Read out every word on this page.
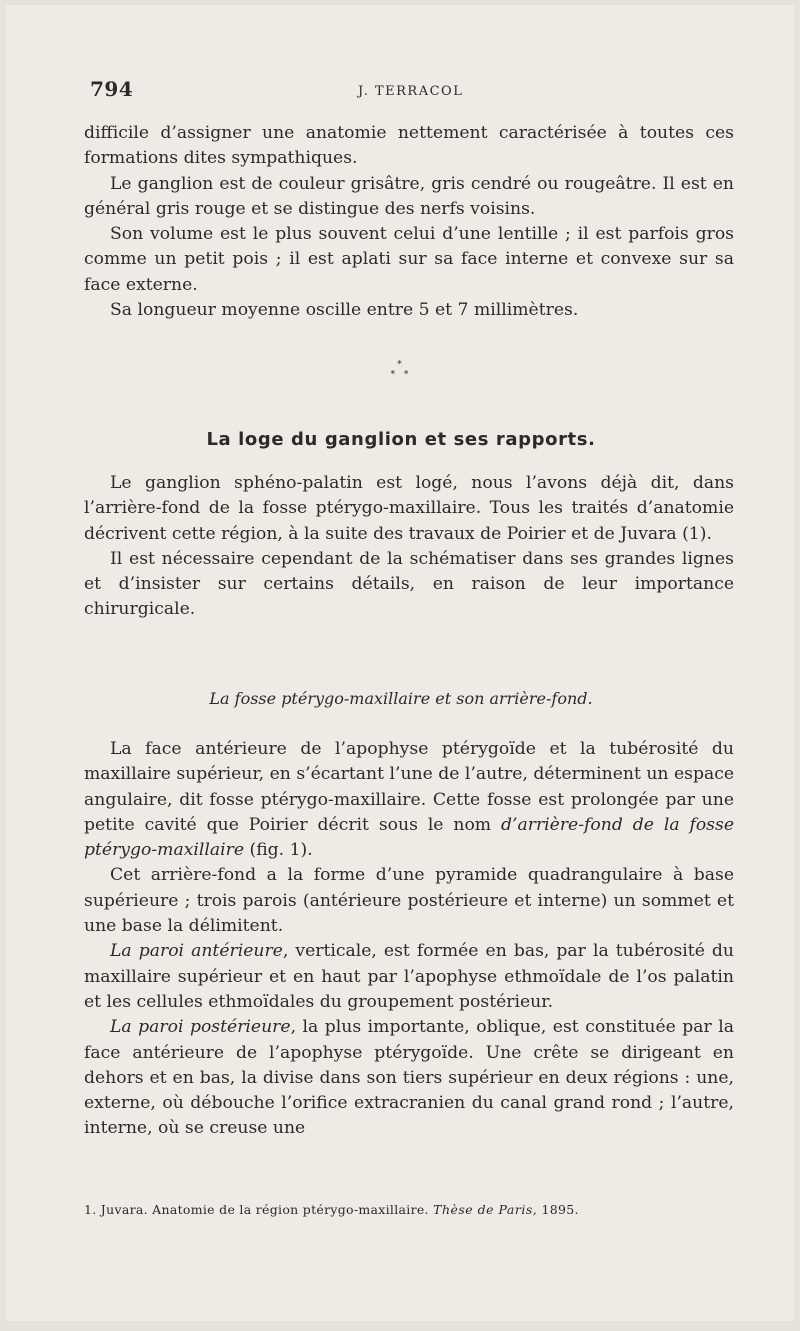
794	J. TERRACOL

difficile d’assigner une anatomie nettement caractérisée à toutes ces formations dites sympathiques.

Le ganglion est de couleur grisâtre, gris cendré ou rougeâtre. Il est en général gris rouge et se distingue des nerfs voisins.

Son volume est le plus souvent celui d’une lentille ; il est parfois gros comme un petit pois ; il est aplati sur sa face interne et convexe sur sa face externe.

Sa longueur moyenne oscille entre 5 et 7 millimètres.

*
* *
La loge du ganglion et ses rapports.

Le ganglion sphéno-palatin est logé, nous l’avons déjà dit, dans l’arrière-fond de la fosse ptérygo-maxillaire. Tous les traités d’anatomie décrivent cette région, à la suite des travaux de Poirier et de Juvara (1).

Il est nécessaire cependant de la schématiser dans ses grandes lignes et d’insister sur certains détails, en raison de leur importance chirurgicale.

La fosse ptérygo-maxillaire et son arrière-fond.

La face antérieure de l’apophyse ptérygoïde et la tubérosité du maxillaire supérieur, en s’écartant l’une de l’autre, déterminent un espace angulaire, dit fosse ptérygo-maxillaire. Cette fosse est prolongée par une petite cavité que Poirier décrit sous le nom d’arrière-fond de la fosse ptérygo-maxillaire (fig. 1).

Cet arrière-fond a la forme d’une pyramide quadrangulaire à base supérieure ; trois parois (antérieure postérieure et interne) un sommet et une base la délimitent.

La paroi antérieure, verticale, est formée en bas, par la tubérosité du maxillaire supérieur et en haut par l’apophyse ethmoïdale de l’os palatin et les cellules ethmoïdales du groupement postérieur.

La paroi postérieure, la plus importante, oblique, est constituée par la face antérieure de l’apophyse ptérygoïde. Une crête se dirigeant en dehors et en bas, la divise dans son tiers supérieur en deux régions : une, externe, où débouche l’orifice extracranien du canal grand rond ; l’autre, interne, où se creuse une

1. Juvara. Anatomie de la région ptérygo-maxillaire. Thèse de Paris, 1895.
